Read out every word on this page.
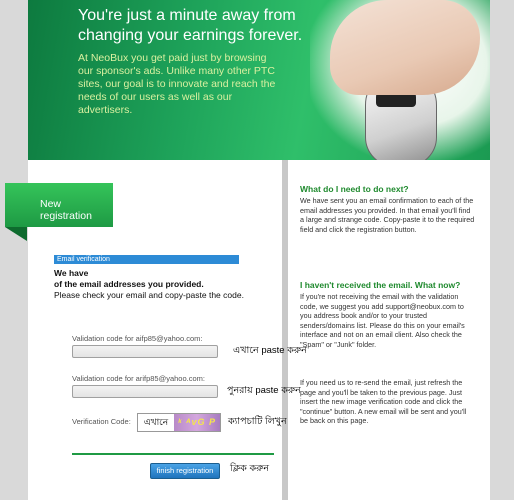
You're just a minute away from changing your earnings forever.
At NeoBux you get paid just by browsing our sponsor's ads. Unlike many other PTC sites, our goal is to innovate and reach the needs of our users as well as our advertisers.
New registration
Email verification
We have
of the email addresses you provided.
Please check your email and copy-paste the code.
Validation code for aifp85@yahoo.com:
এখানে paste করুন
Validation code for arifp85@yahoo.com:
পুনরায় paste করুন
Verification Code:	এখানে	ᵏ ᴬvG P	ক্যাপচাটি লিখুন
finish registration	ক্লিক করুন
What do I need to do next?
We have sent you an email confirmation to each of the email addresses you provided. In that email you'll find a large and strange code. Copy-paste it to the required field and click the registration button.
I haven't received the email. What now?
If you're not receiving the email with the validation code, we suggest you add support@neobux.com to you address book and/or to your trusted senders/domains list. Please do this on your email's interface and not on an email client. Also check the "Spam" or "Junk" folder.
If you need us to re-send the email, just refresh the page and you'll be taken to the previous page. Just insert the new image verification code and click the "continue" button. A new email will be sent and you'll be back on this page.
